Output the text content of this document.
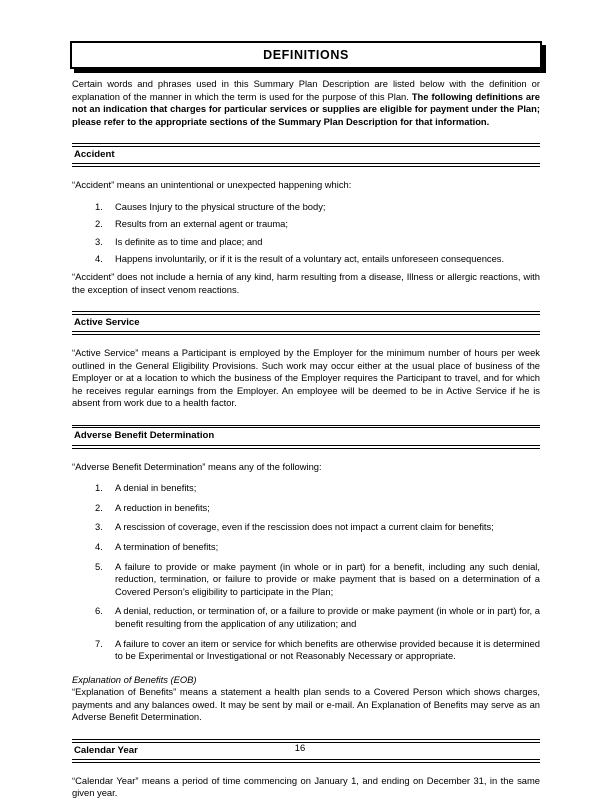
DEFINITIONS

Certain words and phrases used in this Summary Plan Description are listed below with the definition or explanation of the manner in which the term is used for the purpose of this Plan. The following definitions are not an indication that charges for particular services or supplies are eligible for payment under the Plan; please refer to the appropriate sections of the Summary Plan Description for that information.

Accident

“Accident” means an unintentional or unexpected happening which:

1.	Causes Injury to the physical structure of the body;
2.	Results from an external agent or trauma;
3.	Is definite as to time and place; and
4.	Happens involuntarily, or if it is the result of a voluntary act, entails unforeseen consequences.

“Accident” does not include a hernia of any kind, harm resulting from a disease, Illness or allergic reactions, with the exception of insect venom reactions.

Active Service

“Active Service” means a Participant is employed by the Employer for the minimum number of hours per week outlined in the General Eligibility Provisions. Such work may occur either at the usual place of business of the Employer or at a location to which the business of the Employer requires the Participant to travel, and for which he receives regular earnings from the Employer. An employee will be deemed to be in Active Service if he is absent from work due to a health factor.

Adverse Benefit Determination

“Adverse Benefit Determination” means any of the following:

1.	A denial in benefits;
2.	A reduction in benefits;
3.	A rescission of coverage, even if the rescission does not impact a current claim for benefits;
4.	A termination of benefits;
5.	A failure to provide or make payment (in whole or in part) for a benefit, including any such denial, reduction, termination, or failure to provide or make payment that is based on a determination of a Covered Person’s eligibility to participate in the Plan;
6.	A denial, reduction, or termination of, or a failure to provide or make payment (in whole or in part) for, a benefit resulting from the application of any utilization; and
7.	A failure to cover an item or service for which benefits are otherwise provided because it is determined to be Experimental or Investigational or not Reasonably Necessary or appropriate.

Explanation of Benefits (EOB)

“Explanation of Benefits” means a statement a health plan sends to a Covered Person which shows charges, payments and any balances owed. It may be sent by mail or e-mail. An Explanation of Benefits may serve as an Adverse Benefit Determination.

Calendar Year

“Calendar Year” means a period of time commencing on January 1, and ending on December 31, in the same given year.

16
